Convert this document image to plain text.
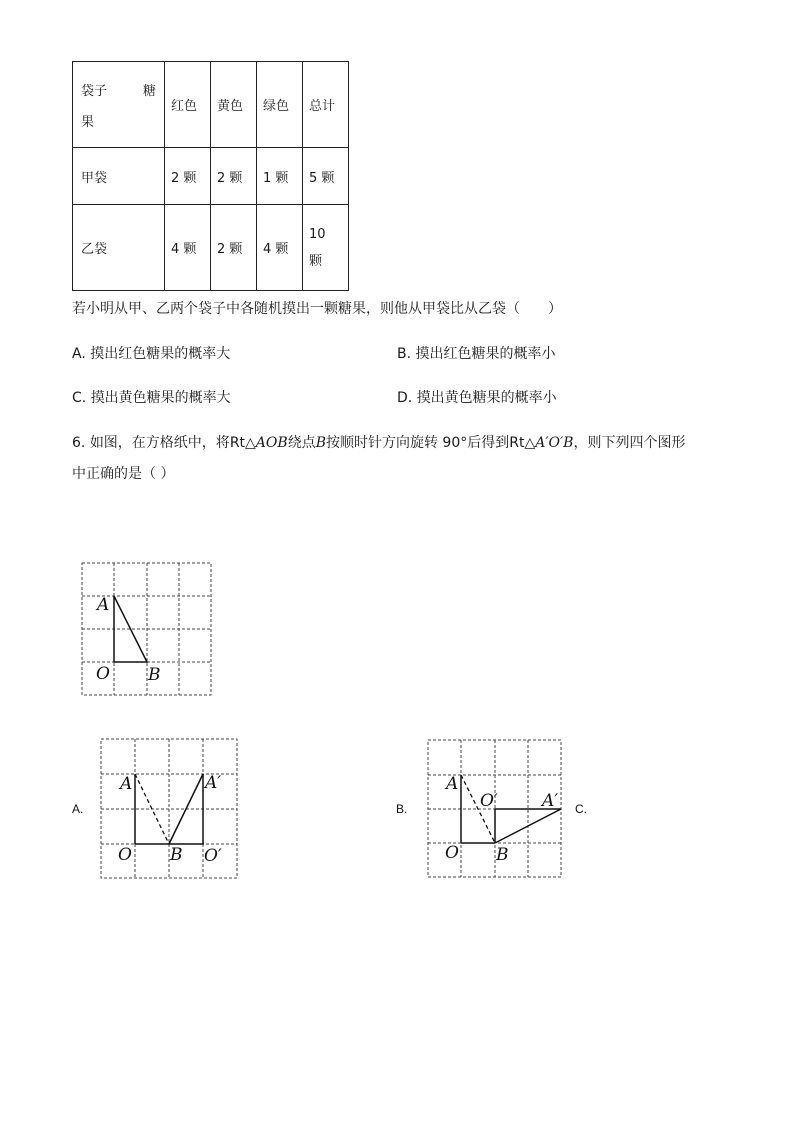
袋子 糖
果	红色	黄色	绿色	总计
甲袋	2 颗	2 颗	1 颗	5 颗
乙袋	4 颗	2 颗	4 颗	10
颗
若小明从甲、乙两个袋子中各随机摸出一颗糖果，则他从甲袋比从乙袋（　　）
A. 摸出红色糖果的概率大	B. 摸出红色糖果的概率小
C. 摸出黄色糖果的概率大	D. 摸出黄色糖果的概率小
6. 如图，在方格纸中，将Rt△AOB绕点B按顺时针方向旋转 90°后得到Rt△A′O′B，则下列四个图形
中正确的是（ ）
A
O B
A.
A
O B
A′
O′
B.
A
O B
O′	A′ C.
